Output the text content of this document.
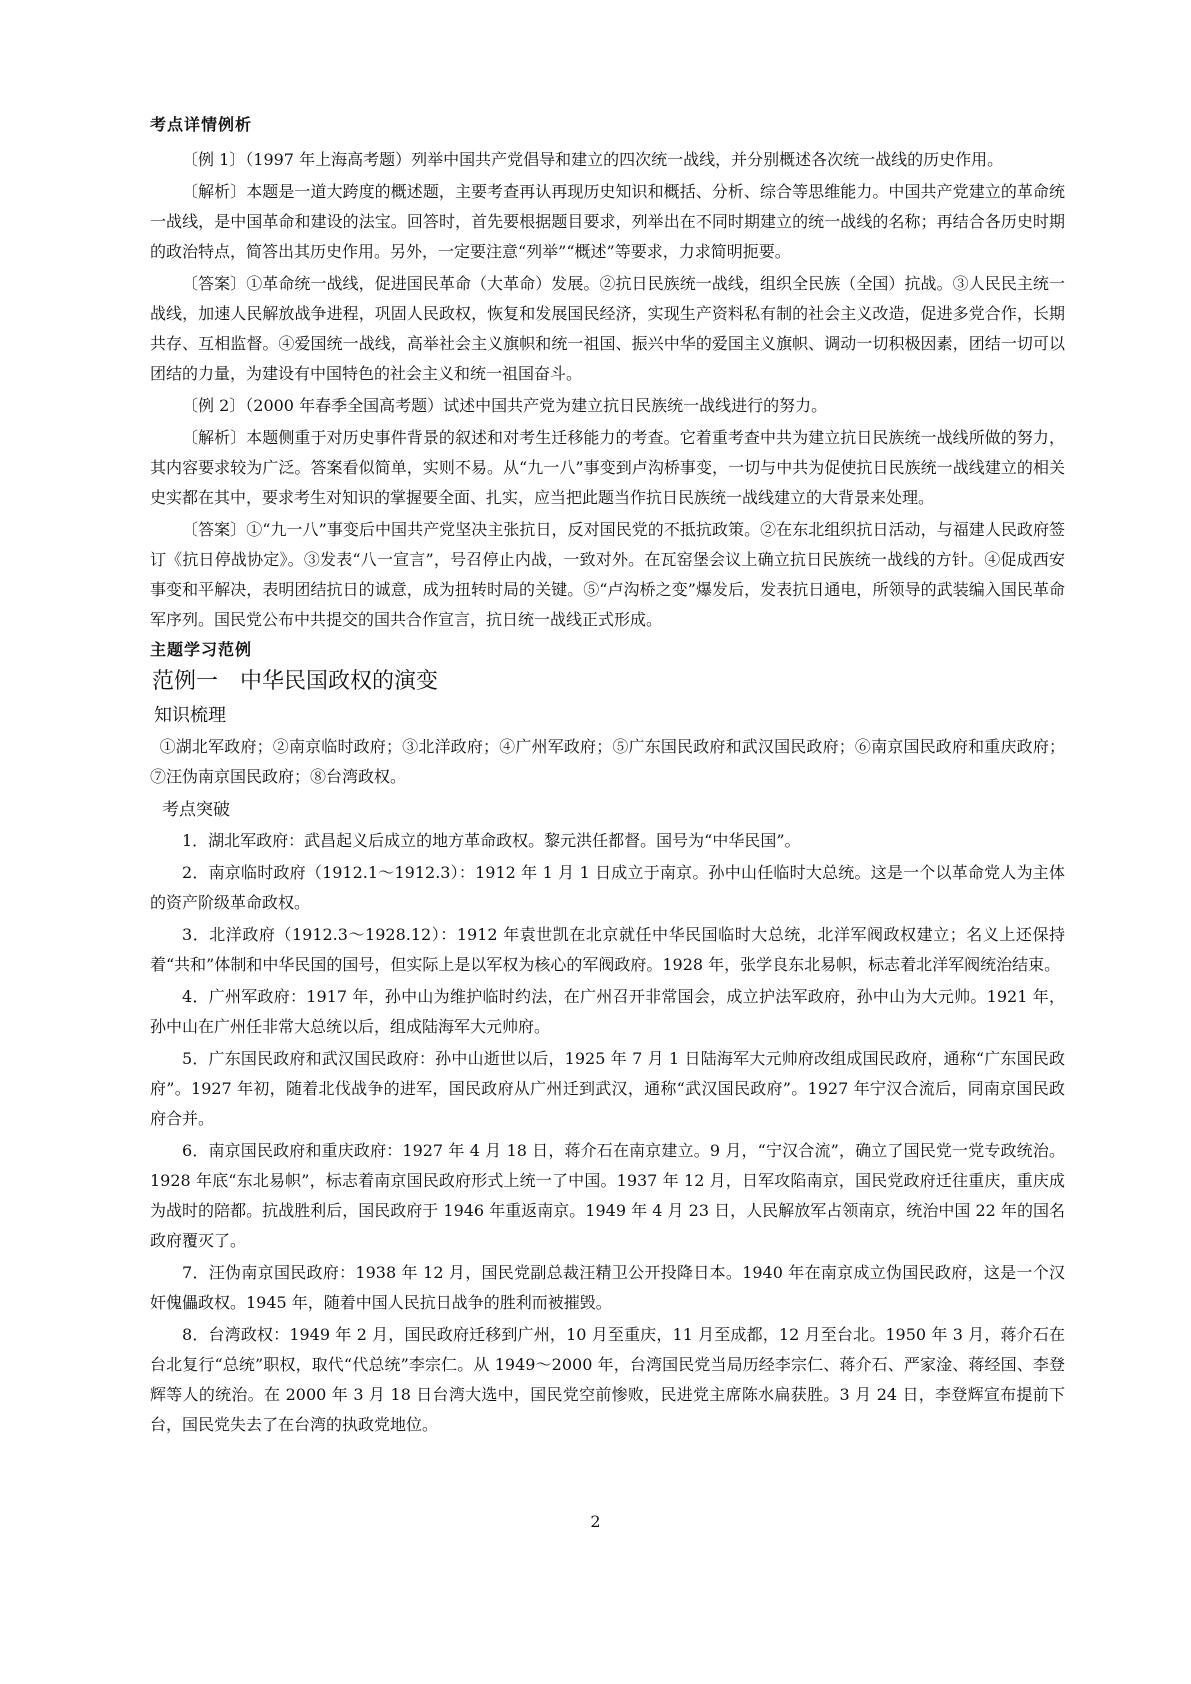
考点详情例析

〔例 1〕（1997 年上海高考题）列举中国共产党倡导和建立的四次统一战线，并分别概述各次统一战线的历史作用。

〔解析〕本题是一道大跨度的概述题，主要考查再认再现历史知识和概括、分析、综合等思维能力。中国共产党建立的革命统一战线，是中国革命和建设的法宝。回答时，首先要根据题目要求，列举出在不同时期建立的统一战线的名称；再结合各历史时期的政治特点，简答出其历史作用。另外，一定要注意“列举”“概述”等要求，力求简明扼要。

〔答案〕①革命统一战线，促进国民革命（大革命）发展。②抗日民族统一战线，组织全民族（全国）抗战。③人民民主统一战线，加速人民解放战争进程，巩固人民政权，恢复和发展国民经济，实现生产资料私有制的社会主义改造，促进多党合作，长期共存、互相监督。④爱国统一战线，高举社会主义旗帜和统一祖国、振兴中华的爱国主义旗帜、调动一切积极因素，团结一切可以团结的力量，为建设有中国特色的社会主义和统一祖国奋斗。

〔例 2〕（2000 年春季全国高考题）试述中国共产党为建立抗日民族统一战线进行的努力。

〔解析〕本题侧重于对历史事件背景的叙述和对考生迁移能力的考查。它着重考查中共为建立抗日民族统一战线所做的努力，其内容要求较为广泛。答案看似简单，实则不易。从“九一八”事变到卢沟桥事变，一切与中共为促使抗日民族统一战线建立的相关史实都在其中，要求考生对知识的掌握要全面、扎实，应当把此题当作抗日民族统一战线建立的大背景来处理。

〔答案〕①“九一八”事变后中国共产党坚决主张抗日，反对国民党的不抵抗政策。②在东北组织抗日活动，与福建人民政府签订《抗日停战协定》。③发表“八一宣言”，号召停止内战，一致对外。在瓦窑堡会议上确立抗日民族统一战线的方针。④促成西安事变和平解决，表明团结抗日的诚意，成为扭转时局的关键。⑤“卢沟桥之变”爆发后，发表抗日通电，所领导的武装编入国民革命军序列。国民党公布中共提交的国共合作宣言，抗日统一战线正式形成。

主题学习范例
范例一　中华民国政权的演变
知识梳理

①湖北军政府；②南京临时政府；③北洋政府；④广州军政府；⑤广东国民政府和武汉国民政府；⑥南京国民政府和重庆政府；⑦汪伪南京国民政府；⑧台湾政权。

考点突破

1．湖北军政府：武昌起义后成立的地方革命政权。黎元洪任都督。国号为“中华民国”。

2．南京临时政府（1912.1～1912.3）：1912 年 1 月 1 日成立于南京。孙中山任临时大总统。这是一个以革命党人为主体的资产阶级革命政权。

3．北洋政府（1912.3～1928.12）：1912 年袁世凯在北京就任中华民国临时大总统，北洋军阀政权建立；名义上还保持着“共和”体制和中华民国的国号，但实际上是以军权为核心的军阀政府。1928 年，张学良东北易帜，标志着北洋军阀统治结束。

4．广州军政府：1917 年，孙中山为维护临时约法，在广州召开非常国会，成立护法军政府，孙中山为大元帅。1921 年，孙中山在广州任非常大总统以后，组成陆海军大元帅府。

5．广东国民政府和武汉国民政府：孙中山逝世以后，1925 年 7 月 1 日陆海军大元帅府改组成国民政府，通称“广东国民政府”。1927 年初，随着北伐战争的进军，国民政府从广州迁到武汉，通称“武汉国民政府”。1927 年宁汉合流后，同南京国民政府合并。

6．南京国民政府和重庆政府：1927 年 4 月 18 日，蒋介石在南京建立。9 月，“宁汉合流”，确立了国民党一党专政统治。1928 年底“东北易帜”，标志着南京国民政府形式上统一了中国。1937 年 12 月，日军攻陷南京，国民党政府迁往重庆，重庆成为战时的陪都。抗战胜利后，国民政府于 1946 年重返南京。1949 年 4 月 23 日，人民解放军占领南京，统治中国 22 年的国名政府覆灭了。

7．汪伪南京国民政府：1938 年 12 月，国民党副总裁汪精卫公开投降日本。1940 年在南京成立伪国民政府，这是一个汉奸傀儡政权。1945 年，随着中国人民抗日战争的胜利而被摧毁。

8．台湾政权：1949 年 2 月，国民政府迁移到广州，10 月至重庆，11 月至成都，12 月至台北。1950 年 3 月，蒋介石在台北复行“总统”职权，取代“代总统”李宗仁。从 1949～2000 年，台湾国民党当局历经李宗仁、蒋介石、严家淦、蒋经国、李登辉等人的统治。在 2000 年 3 月 18 日台湾大选中，国民党空前惨败，民进党主席陈水扁获胜。3 月 24 日，李登辉宣布提前下台，国民党失去了在台湾的执政党地位。

2
